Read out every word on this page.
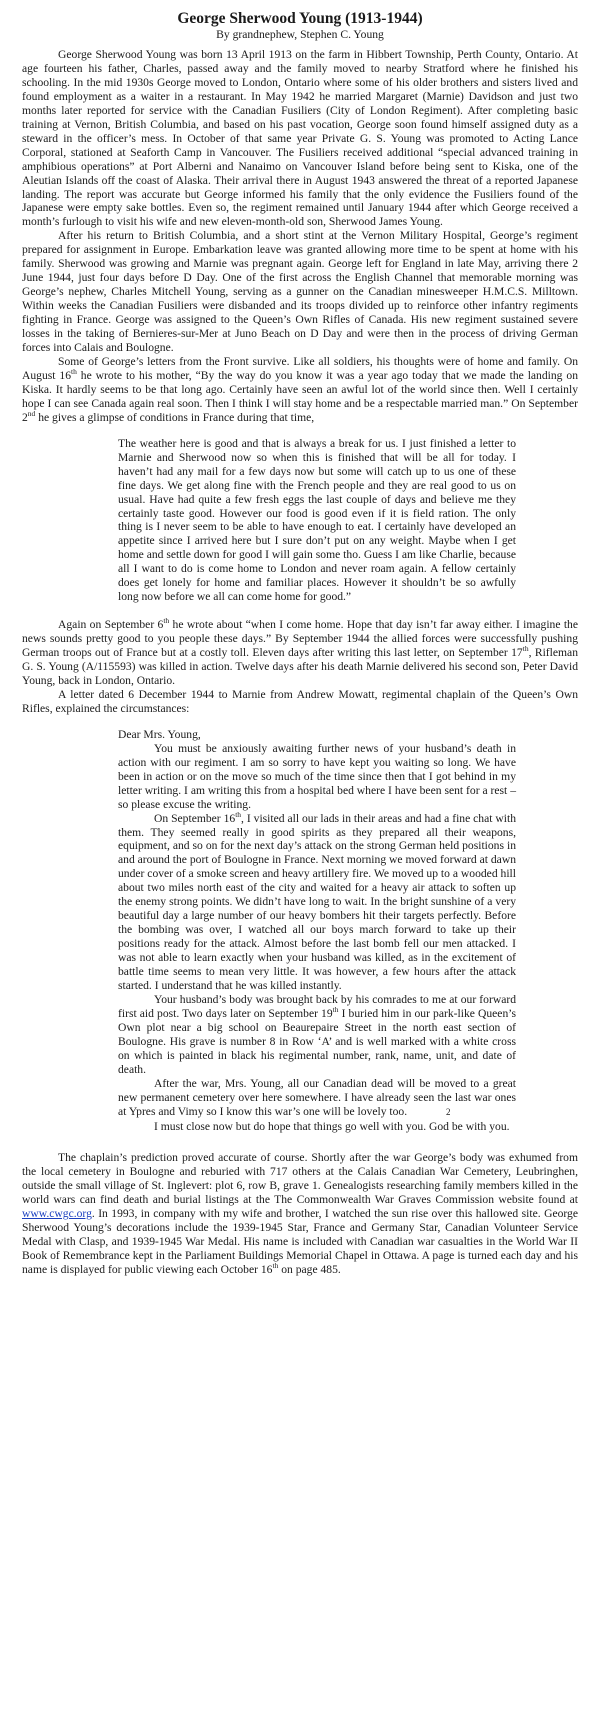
George Sherwood Young (1913-1944)

By grandnephew, Stephen C. Young

George Sherwood Young was born 13 April 1913 on the farm in Hibbert Township, Perth County, Ontario. At age fourteen his father, Charles, passed away and the family moved to nearby Stratford where he finished his schooling. In the mid 1930s George moved to London, Ontario where some of his older brothers and sisters lived and found employment as a waiter in a restaurant. In May 1942 he married Margaret (Marnie) Davidson and just two months later reported for service with the Canadian Fusiliers (City of London Regiment). After completing basic training at Vernon, British Columbia, and based on his past vocation, George soon found himself assigned duty as a steward in the officer’s mess. In October of that same year Private G. S. Young was promoted to Acting Lance Corporal, stationed at Seaforth Camp in Vancouver. The Fusiliers received additional “special advanced training in amphibious operations” at Port Alberni and Nanaimo on Vancouver Island before being sent to Kiska, one of the Aleutian Islands off the coast of Alaska. Their arrival there in August 1943 answered the threat of a reported Japanese landing. The report was accurate but George informed his family that the only evidence the Fusiliers found of the Japanese were empty sake bottles. Even so, the regiment remained until January 1944 after which George received a month’s furlough to visit his wife and new eleven-month-old son, Sherwood James Young.

After his return to British Columbia, and a short stint at the Vernon Military Hospital, George’s regiment prepared for assignment in Europe. Embarkation leave was granted allowing more time to be spent at home with his family. Sherwood was growing and Marnie was pregnant again. George left for England in late May, arriving there 2 June 1944, just four days before D Day. One of the first across the English Channel that memorable morning was George’s nephew, Charles Mitchell Young, serving as a gunner on the Canadian minesweeper H.M.C.S. Milltown. Within weeks the Canadian Fusiliers were disbanded and its troops divided up to reinforce other infantry regiments fighting in France. George was assigned to the Queen’s Own Rifles of Canada. His new regiment sustained severe losses in the taking of Bernieres-sur-Mer at Juno Beach on D Day and were then in the process of driving German forces into Calais and Boulogne.

Some of George’s letters from the Front survive. Like all soldiers, his thoughts were of home and family. On August 16th he wrote to his mother, “By the way do you know it was a year ago today that we made the landing on Kiska. It hardly seems to be that long ago. Certainly have seen an awful lot of the world since then. Well I certainly hope I can see Canada again real soon. Then I think I will stay home and be a respectable married man.” On September 2nd he gives a glimpse of conditions in France during that time,

The weather here is good and that is always a break for us. I just finished a letter to Marnie and Sherwood now so when this is finished that will be all for today. I haven’t had any mail for a few days now but some will catch up to us one of these fine days. We get along fine with the French people and they are real good to us on usual. Have had quite a few fresh eggs the last couple of days and believe me they certainly taste good. However our food is good even if it is field ration. The only thing is I never seem to be able to have enough to eat. I certainly have developed an appetite since I arrived here but I sure don’t put on any weight. Maybe when I get home and settle down for good I will gain some tho. Guess I am like Charlie, because all I want to do is come home to London and never roam again. A fellow certainly does get lonely for home and familiar places. However it shouldn’t be so awfully long now before we all can come home for good.”

Again on September 6th he wrote about “when I come home. Hope that day isn’t far away either. I imagine the news sounds pretty good to you people these days.” By September 1944 the allied forces were successfully pushing German troops out of France but at a costly toll. Eleven days after writing this last letter, on September 17th, Rifleman G. S. Young (A/115593) was killed in action. Twelve days after his death Marnie delivered his second son, Peter David Young, back in London, Ontario.

A letter dated 6 December 1944 to Marnie from Andrew Mowatt, regimental chaplain of the Queen’s Own Rifles, explained the circumstances:

Dear Mrs. Young,

You must be anxiously awaiting further news of your husband’s death in action with our regiment. I am so sorry to have kept you waiting so long. We have been in action or on the move so much of the time since then that I got behind in my letter writing. I am writing this from a hospital bed where I have been sent for a rest – so please excuse the writing.

On September 16th, I visited all our lads in their areas and had a fine chat with them. They seemed really in good spirits as they prepared all their weapons, equipment, and so on for the next day’s attack on the strong German held positions in and around the port of Boulogne in France. Next morning we moved forward at dawn under cover of a smoke screen and heavy artillery fire. We moved up to a wooded hill about two miles north east of the city and waited for a heavy air attack to soften up the enemy strong points. We didn’t have long to wait. In the bright sunshine of a very beautiful day a large number of our heavy bombers hit their targets perfectly. Before the bombing was over, I watched all our boys march forward to take up their positions ready for the attack. Almost before the last bomb fell our men attacked. I was not able to learn exactly when your husband was killed, as in the excitement of battle time seems to mean very little. It was however, a few hours after the attack started. I understand that he was killed instantly.

Your husband’s body was brought back by his comrades to me at our forward first aid post. Two days later on September 19th I buried him in our park-like Queen’s Own plot near a big school on Beaurepaire Street in the north east section of Boulogne. His grave is number 8 in Row ‘A’ and is well marked with a white cross on which is painted in black his regimental number, rank, name, unit, and date of death.

After the war, Mrs. Young, all our Canadian dead will be moved to a great new permanent cemetery over here somewhere. I have already seen the last war ones at Ypres and Vimy so I know this war’s one will be lovely too.	2

I must close now but do hope that things go well with you. God be with you.

The chaplain’s prediction proved accurate of course. Shortly after the war George’s body was exhumed from the local cemetery in Boulogne and reburied with 717 others at the Calais Canadian War Cemetery, Leubringhen, outside the small village of St. Inglevert: plot 6, row B, grave 1. Genealogists researching family members killed in the world wars can find death and burial listings at the The Commonwealth War Graves Commission website found at www.cwgc.org. In 1993, in company with my wife and brother, I watched the sun rise over this hallowed site. George Sherwood Young’s decorations include the 1939-1945 Star, France and Germany Star, Canadian Volunteer Service Medal with Clasp, and 1939-1945 War Medal. His name is included with Canadian war casualties in the World War II Book of Remembrance kept in the Parliament Buildings Memorial Chapel in Ottawa. A page is turned each day and his name is displayed for public viewing each October 16th on page 485.
